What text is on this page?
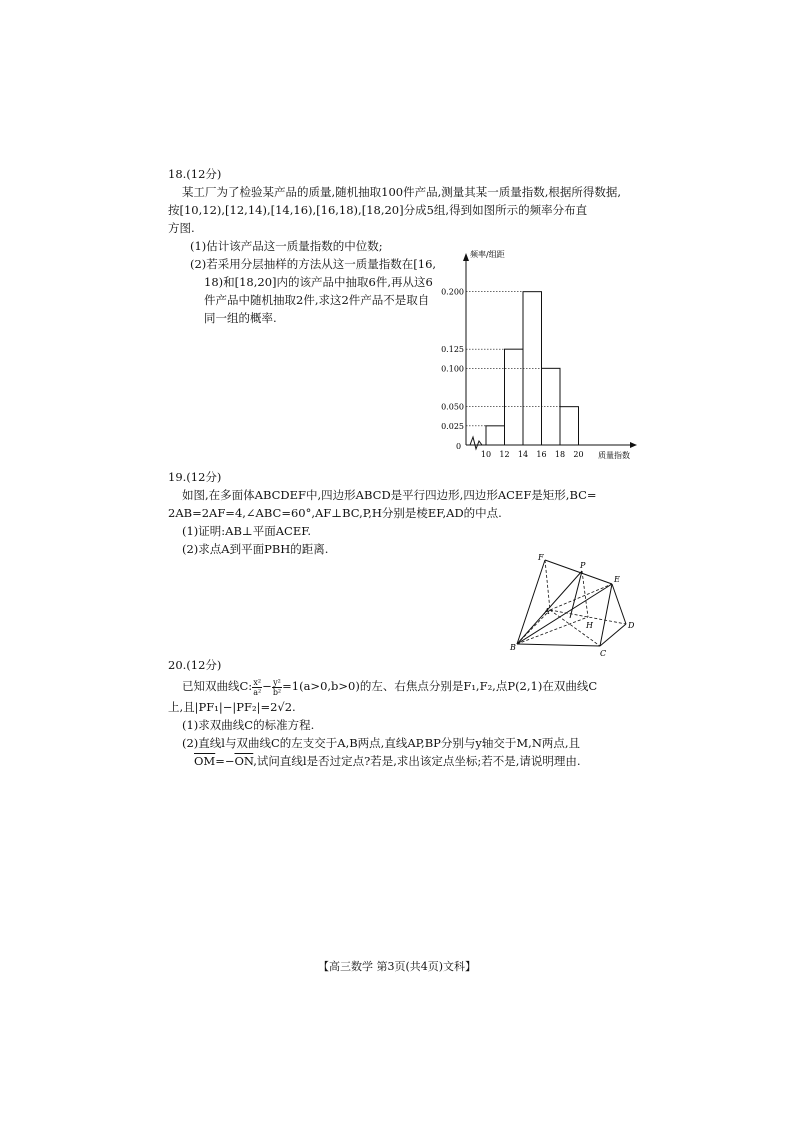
18.(12分)
某工厂为了检验某产品的质量,随机抽取100件产品,测量其某一质量指数,根据所得数据,
按[10,12),[12,14),[14,16),[16,18),[18,20]分成5组,得到如图所示的频率分布直
方图.
(1)估计该产品这一质量指数的中位数;
(2)若采用分层抽样的方法从这一质量指数在[16,
18)和[18,20]内的该产品中抽取6件,再从这6
件产品中随机抽取2件,求这2件产品不是取自
同一组的概率.
0.025
0.050
0.100
0.125
0.200
10 12 14 16 18 20
频率/组距
质量指数
0
19.(12分)
如图,在多面体ABCDEF中,四边形ABCD是平行四边形,四边形ACEF是矩形,BC=
2AB=2AF=4,∠ABC=60°,AF⊥BC,P,H分别是棱EF,AD的中点.
(1)证明:AB⊥平面ACEF.
(2)求点A到平面PBH的距离.
F
P
E
A
H	D
B
C
20.(12分)
已知双曲线C: $\frac{\text{x²}}{\text{a²}} - \frac{\text{y²}}{\text{b²}} =1(a>0,b>0)$的左、右焦点分别是F₁,F₂,点P(2,1)在双曲线C
上,且|PF₁|−|PF₂|=2√2.
(1)求双曲线C的标准方程.
(2)直线l与双曲线C的左支交于A,B两点,直线AP,BP分别与y轴交于M,N两点,且
$\overline{OM}=-\overline{ON}$,试问直线l是否过定点?若是,求出该定点坐标;若不是,请说明理由.
【高三数学 第3页(共4页)文科】
